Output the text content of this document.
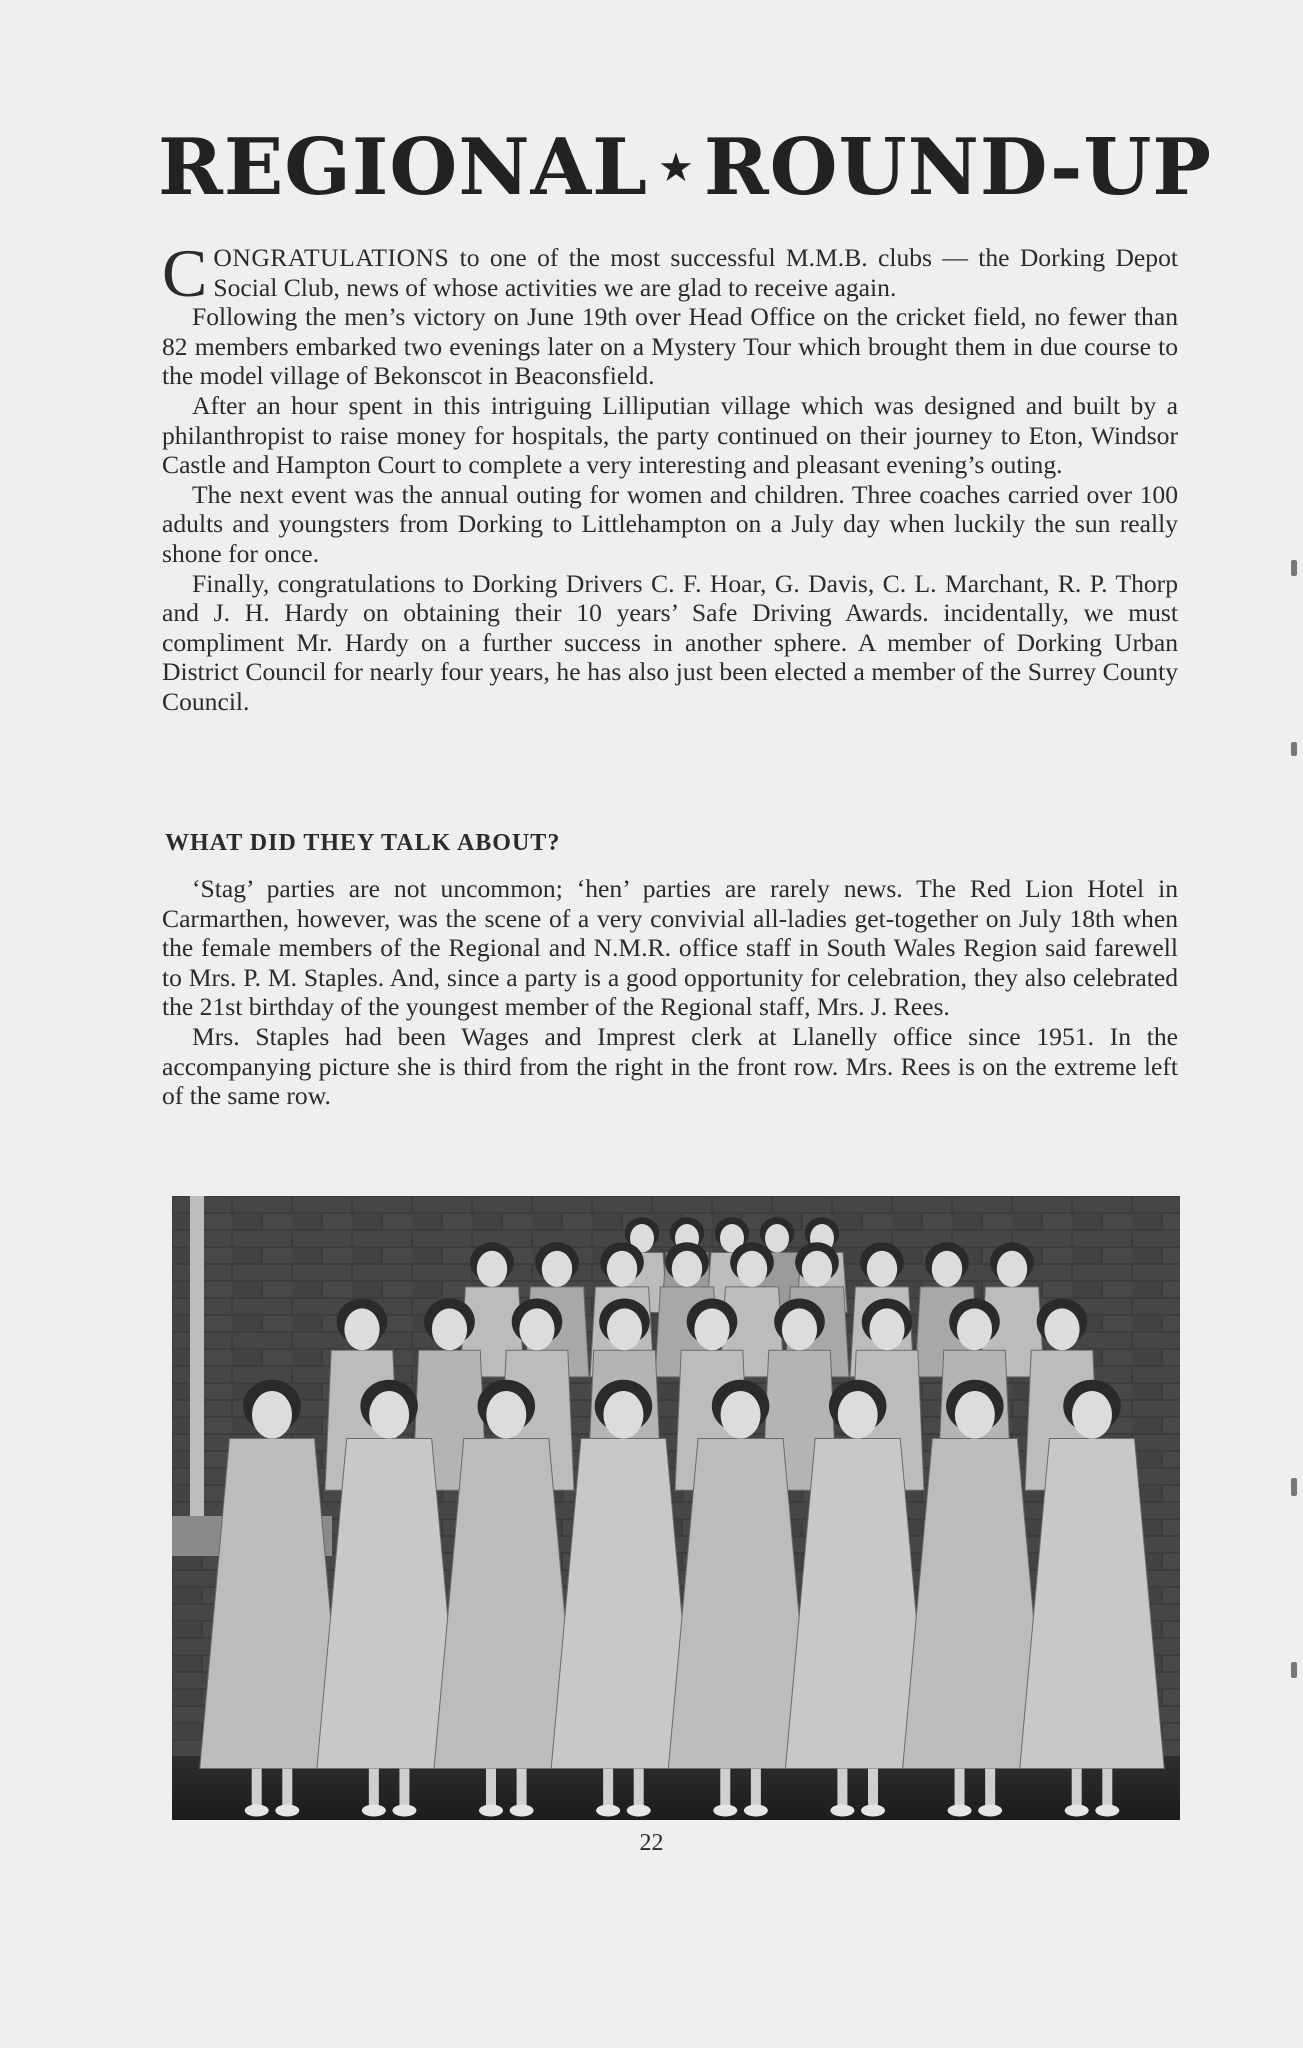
REGIONAL ★ ROUND-UP

CONGRATULATIONS to one of the most successful M.M.B. clubs — the Dorking Depot Social Club, news of whose activities we are glad to receive again.

Following the men’s victory on June 19th over Head Office on the cricket field, no fewer than 82 members embarked two evenings later on a Mystery Tour which brought them in due course to the model village of Bekonscot in Beaconsfield.

After an hour spent in this intriguing Lilliputian village which was designed and built by a philanthropist to raise money for hospitals, the party continued on their journey to Eton, Windsor Castle and Hampton Court to complete a very interesting and pleasant evening’s outing.

The next event was the annual outing for women and children. Three coaches carried over 100 adults and youngsters from Dorking to Littlehampton on a July day when luckily the sun really shone for once.

Finally, congratulations to Dorking Drivers C. F. Hoar, G. Davis, C. L. Marchant, R. P. Thorp and J. H. Hardy on obtaining their 10 years’ Safe Driving Awards. incidentally, we must compliment Mr. Hardy on a further success in another sphere. A member of Dorking Urban District Council for nearly four years, he has also just been elected a member of the Surrey County Council.

WHAT DID THEY TALK ABOUT?

‘Stag’ parties are not uncommon; ‘hen’ parties are rarely news. The Red Lion Hotel in Carmarthen, however, was the scene of a very convivial all-ladies get-together on July 18th when the female members of the Regional and N.M.R. office staff in South Wales Region said farewell to Mrs. P. M. Staples. And, since a party is a good opportunity for celebration, they also celebrated the 21st birthday of the youngest member of the Regional staff, Mrs. J. Rees.

Mrs. Staples had been Wages and Imprest clerk at Llanelly office since 1951. In the accompanying picture she is third from the right in the front row. Mrs. Rees is on the extreme left of the same row.

22
